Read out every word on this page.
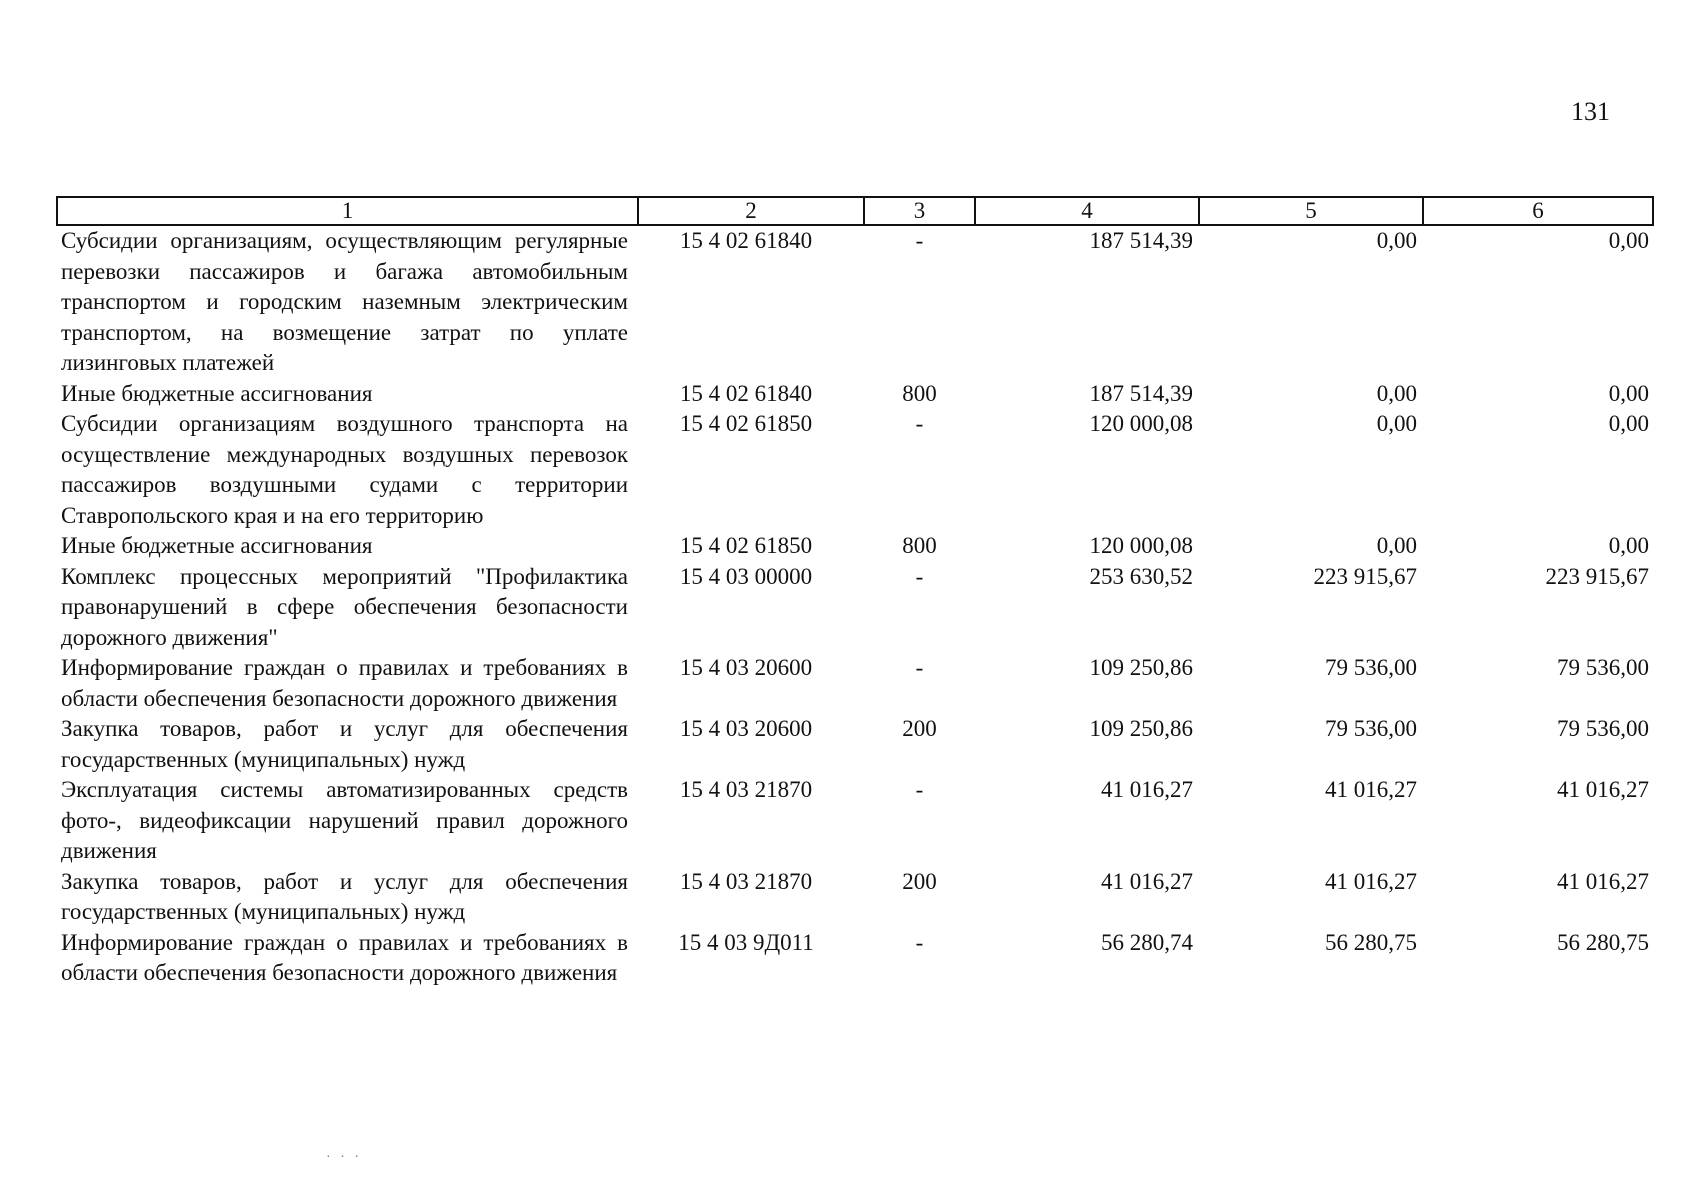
131
1	2	3	4	5	6
Субсидии организациям, осуществляющим регулярные перевозки пассажиров и багажа автомобильным транспортом и городским наземным электрическим транспортом, на возмещение затрат по уплате лизинговых платежей	15 4 02 61840	-	187 514,39	0,00	0,00
Иные бюджетные ассигнования	15 4 02 61840	800	187 514,39	0,00	0,00
Субсидии организациям воздушного транспорта на осуществление международных воздушных перевозок пассажиров воздушными судами с территории Ставропольского края и на его территорию	15 4 02 61850	-	120 000,08	0,00	0,00
Иные бюджетные ассигнования	15 4 02 61850	800	120 000,08	0,00	0,00
Комплекс процессных мероприятий "Профилактика правонарушений в сфере обеспечения безопасности дорожного движения"	15 4 03 00000	-	253 630,52	223 915,67	223 915,67
Информирование граждан о правилах и требованиях в области обеспечения безопасности дорожного движения	15 4 03 20600	-	109 250,86	79 536,00	79 536,00
Закупка товаров, работ и услуг для обеспечения государственных (муниципальных) нужд	15 4 03 20600	200	109 250,86	79 536,00	79 536,00
Эксплуатация системы автоматизированных средств фото-, видеофиксации нарушений правил дорожного движения	15 4 03 21870	-	41 016,27	41 016,27	41 016,27
Закупка товаров, работ и услуг для обеспечения государственных (муниципальных) нужд	15 4 03 21870	200	41 016,27	41 016,27	41 016,27
Информирование граждан о правилах и требованиях в области обеспечения безопасности дорожного движения	15 4 03 9Д011	-	56 280,74	56 280,75	56 280,75
· · ·
